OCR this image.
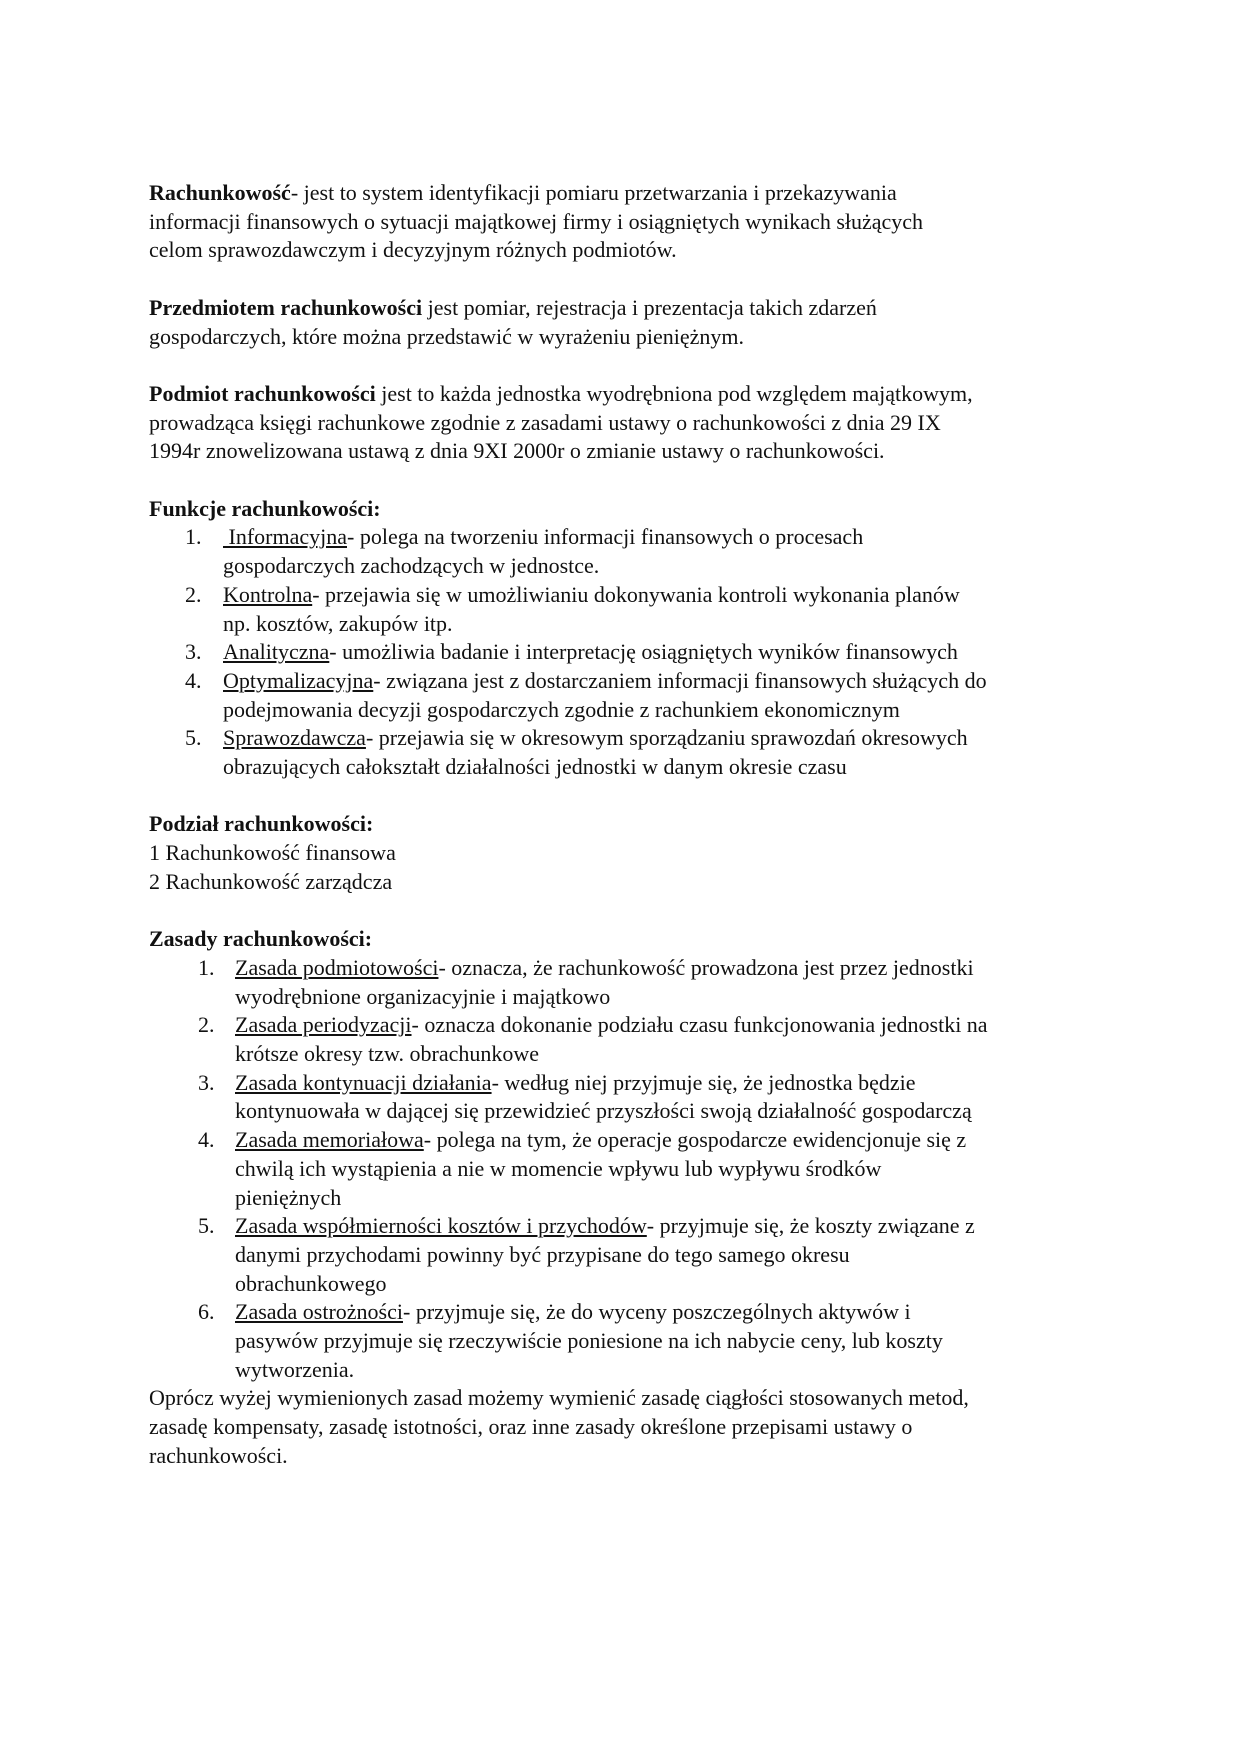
Rachunkowość- jest to system identyfikacji pomiaru przetwarzania i przekazywania
informacji finansowych o sytuacji majątkowej firmy i osiągniętych wynikach służących
celom sprawozdawczym i decyzyjnym różnych podmiotów.
Przedmiotem rachunkowości jest pomiar, rejestracja i prezentacja takich zdarzeń
gospodarczych, które można przedstawić w wyrażeniu pieniężnym.
Podmiot rachunkowości jest to każda jednostka wyodrębniona pod względem majątkowym,
prowadząca księgi rachunkowe zgodnie z zasadami ustawy o rachunkowości z dnia 29 IX
1994r znowelizowana ustawą z dnia 9XI 2000r o zmianie ustawy o rachunkowości.
Funkcje rachunkowości:
1. Informacyjna- polega na tworzeniu informacji finansowych o procesach
gospodarczych zachodzących w jednostce.
2. Kontrolna- przejawia się w umożliwianiu dokonywania kontroli wykonania planów
np. kosztów, zakupów itp.
3. Analityczna- umożliwia badanie i interpretację osiągniętych wyników finansowych
4. Optymalizacyjna- związana jest z dostarczaniem informacji finansowych służących do
podejmowania decyzji gospodarczych zgodnie z rachunkiem ekonomicznym
5. Sprawozdawcza- przejawia się w okresowym sporządzaniu sprawozdań okresowych
obrazujących całokształt działalności jednostki w danym okresie czasu
Podział rachunkowości:
1 Rachunkowość finansowa
2 Rachunkowość zarządcza
Zasady rachunkowości:
1. Zasada podmiotowości- oznacza, że rachunkowość prowadzona jest przez jednostki
wyodrębnione organizacyjnie i majątkowo
2. Zasada periodyzacji- oznacza dokonanie podziału czasu funkcjonowania jednostki na
krótsze okresy tzw. obrachunkowe
3. Zasada kontynuacji działania- według niej przyjmuje się, że jednostka będzie
kontynuowała w dającej się przewidzieć przyszłości swoją działalność gospodarczą
4. Zasada memoriałowa- polega na tym, że operacje gospodarcze ewidencjonuje się z
chwilą ich wystąpienia a nie w momencie wpływu lub wypływu środków
pieniężnych
5. Zasada współmierności kosztów i przychodów- przyjmuje się, że koszty związane z
danymi przychodami powinny być przypisane do tego samego okresu
obrachunkowego
6. Zasada ostrożności- przyjmuje się, że do wyceny poszczególnych aktywów i
pasywów przyjmuje się rzeczywiście poniesione na ich nabycie ceny, lub koszty
wytworzenia.
Oprócz wyżej wymienionych zasad możemy wymienić zasadę ciągłości stosowanych metod,
zasadę kompensaty, zasadę istotności, oraz inne zasady określone przepisami ustawy o
rachunkowości.
